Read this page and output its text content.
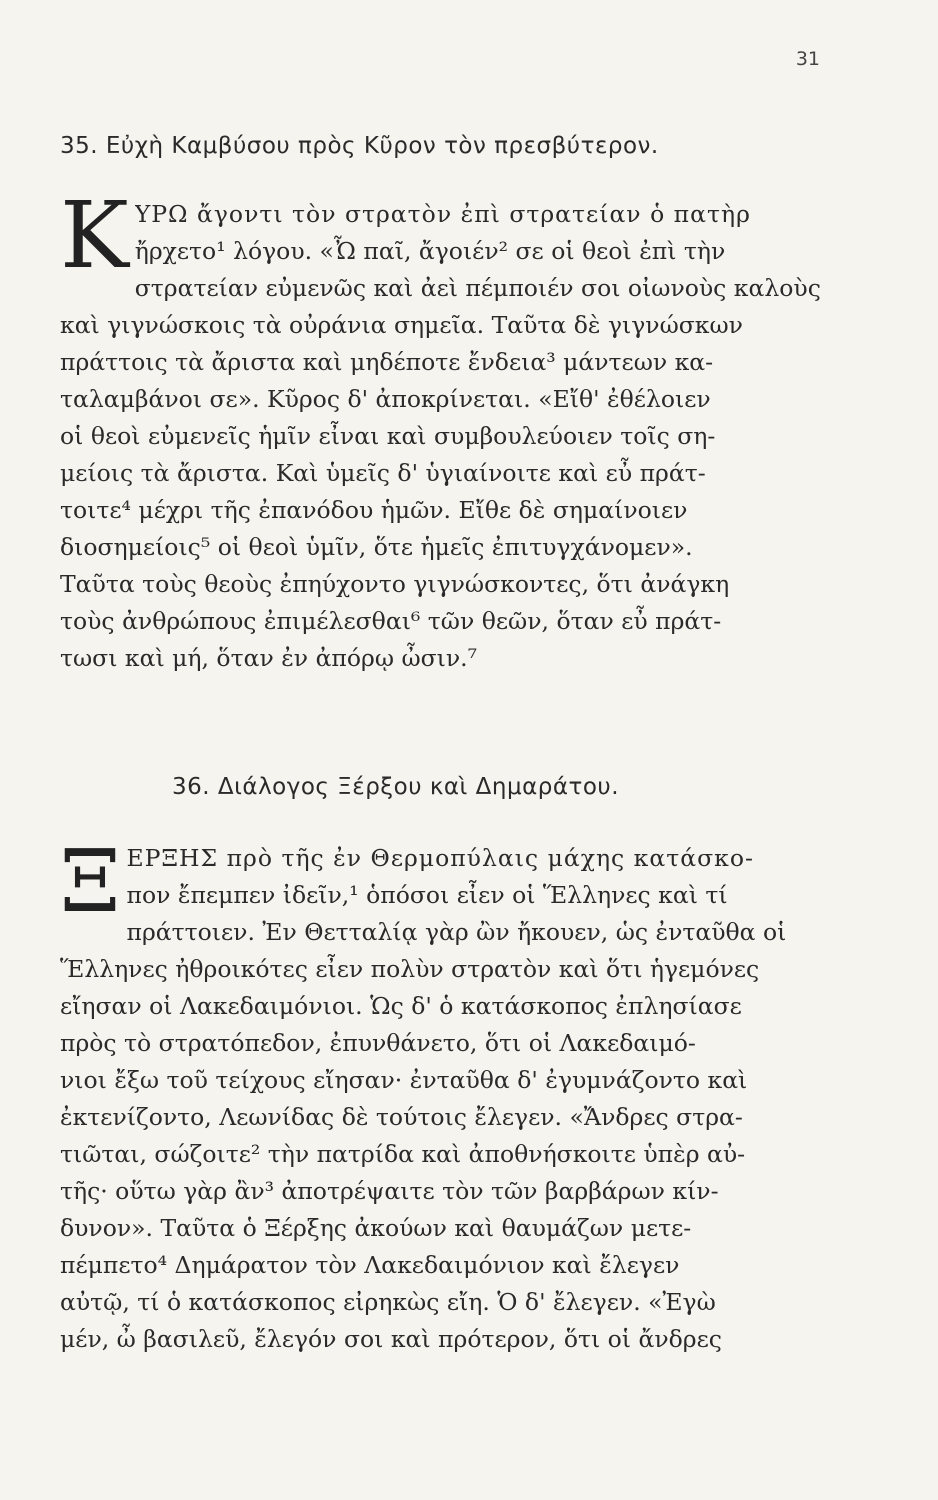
31
35. Εὐχὴ Καμβύσου πρὸς Κῦρον τὸν πρεσβύτερον.
Κ ΥΡΩ ἄγοντι τὸν στρατὸν ἐπὶ στρατείαν ὁ πατὴρ
ἤρχετο¹ λόγου. «Ὦ παῖ, ἄγοιέν² σε οἱ θεοὶ ἐπὶ τὴν
στρατείαν εὐμενῶς καὶ ἀεὶ πέμποιέν σοι οἰωνοὺς καλοὺς
καὶ γιγνώσκοις τὰ οὐράνια σημεῖα. Ταῦτα δὲ γιγνώσκων
πράττοις τὰ ἄριστα καὶ μηδέποτε ἔνδεια³ μάντεων κα-
ταλαμβάνοι σε». Κῦρος δ' ἀποκρίνεται. «Εἴθ' ἐθέλοιεν
οἱ θεοὶ εὐμενεῖς ἡμῖν εἶναι καὶ συμβουλεύοιεν τοῖς ση-
μείοις τὰ ἄριστα. Καὶ ὑμεῖς δ' ὑγιαίνοιτε καὶ εὖ πράτ-
τοιτε⁴ μέχρι τῆς ἐπανόδου ἡμῶν. Εἴθε δὲ σημαίνοιεν
διοσημείοις⁵ οἱ θεοὶ ὑμῖν, ὅτε ἡμεῖς ἐπιτυγχάνομεν».
Ταῦτα τοὺς θεοὺς ἐπηύχοντο γιγνώσκοντες, ὅτι ἀνάγκη
τοὺς ἀνθρώπους ἐπιμέλεσθαι⁶ τῶν θεῶν, ὅταν εὖ πράτ-
τωσι καὶ μή, ὅταν ἐν ἀπόρῳ ὦσιν.⁷
36. Διάλογος Ξέρξου καὶ Δημαράτου.
Ξ ΕΡΞΗΣ πρὸ τῆς ἐν Θερμοπύλαις μάχης κατάσκο-
πον ἔπεμπεν ἰδεῖν,¹ ὁπόσοι εἶεν οἱ Ἕλληνες καὶ τί
πράττοιεν. Ἐν Θετταλίᾳ γὰρ ὢν ἤκουεν, ὡς ἐνταῦθα οἱ
Ἕλληνες ἠθροικότες εἶεν πολὺν στρατὸν καὶ ὅτι ἡγεμόνες
εἴησαν οἱ Λακεδαιμόνιοι. Ὡς δ' ὁ κατάσκοπος ἐπλησίασε
πρὸς τὸ στρατόπεδον, ἐπυνθάνετο, ὅτι οἱ Λακεδαιμό-
νιοι ἔξω τοῦ τείχους εἴησαν· ἐνταῦθα δ' ἐγυμνάζοντο καὶ
ἐκτενίζοντο, Λεωνίδας δὲ τούτοις ἔλεγεν. «Ἄνδρες στρα-
τιῶται, σώζοιτε² τὴν πατρίδα καὶ ἀποθνήσκοιτε ὑπὲρ αὐ-
τῆς· οὕτω γὰρ ἂν³ ἀποτρέψαιτε τὸν τῶν βαρβάρων κίν-
δυνον». Ταῦτα ὁ Ξέρξης ἀκούων καὶ θαυμάζων μετε-
πέμπετο⁴ Δημάρατον τὸν Λακεδαιμόνιον καὶ ἔλεγεν
αὐτῷ, τί ὁ κατάσκοπος εἰρηκὼς εἴη. Ὁ δ' ἔλεγεν. «Ἐγὼ
μέν, ὦ βασιλεῦ, ἔλεγόν σοι καὶ πρότερον, ὅτι οἱ ἄνδρες
